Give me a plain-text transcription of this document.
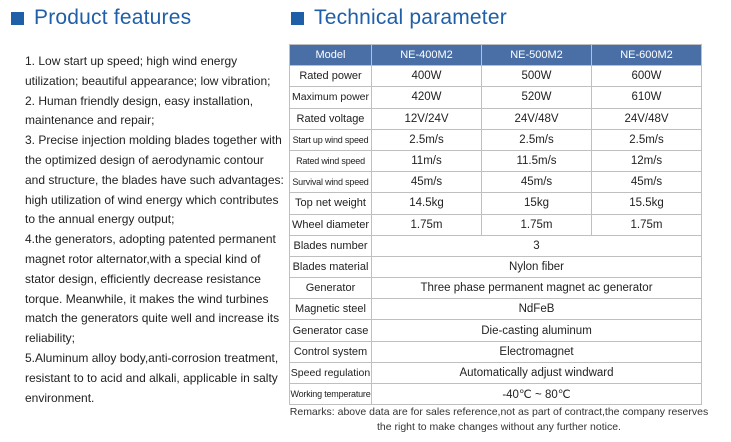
Product features	Technical parameter

1. Low start up speed; high wind energy utilization; beautiful appearance; low vibration;

2. Human friendly design, easy installation, maintenance and repair;

3. Precise injection molding blades together with the optimized design of aerodynamic contour and structure, the blades have such advantages: high utilization of wind energy which contributes to the annual energy output;

4.the generators, adopting patented permanent magnet rotor alternator,with a special kind of stator design, efficiently decrease resistance torque. Meanwhile, it makes the wind turbines match the generators quite well and increase its reliability;

5.Aluminum alloy body,anti-corrosion treatment, resistant to to acid and alkali, applicable in salty environment.

Model	NE-400M2	NE-500M2	NE-600M2
Rated power	400W	500W	600W
Maximum power	420W	520W	610W
Rated voltage	12V/24V	24V/48V	24V/48V
Start up wind speed	2.5m/s	2.5m/s	2.5m/s
Rated wind speed	11m/s	11.5m/s	12m/s
Survival wind speed	45m/s	45m/s	45m/s
Top net weight	14.5kg	15kg	15.5kg
Wheel diameter	1.75m	1.75m	1.75m
Blades number	3		
Blades material	Nylon fiber		
Generator	Three phase permanent magnet ac generator		
Magnetic steel	NdFeB		
Generator case	Die-casting aluminum		
Control system	Electromagnet		
Speed regulation	Automatically adjust windward		
Working temperature	-40℃ ~ 80℃		
Remarks: above data are for sales reference,not as part of contract,the company reserves the right to make changes without any further notice.
